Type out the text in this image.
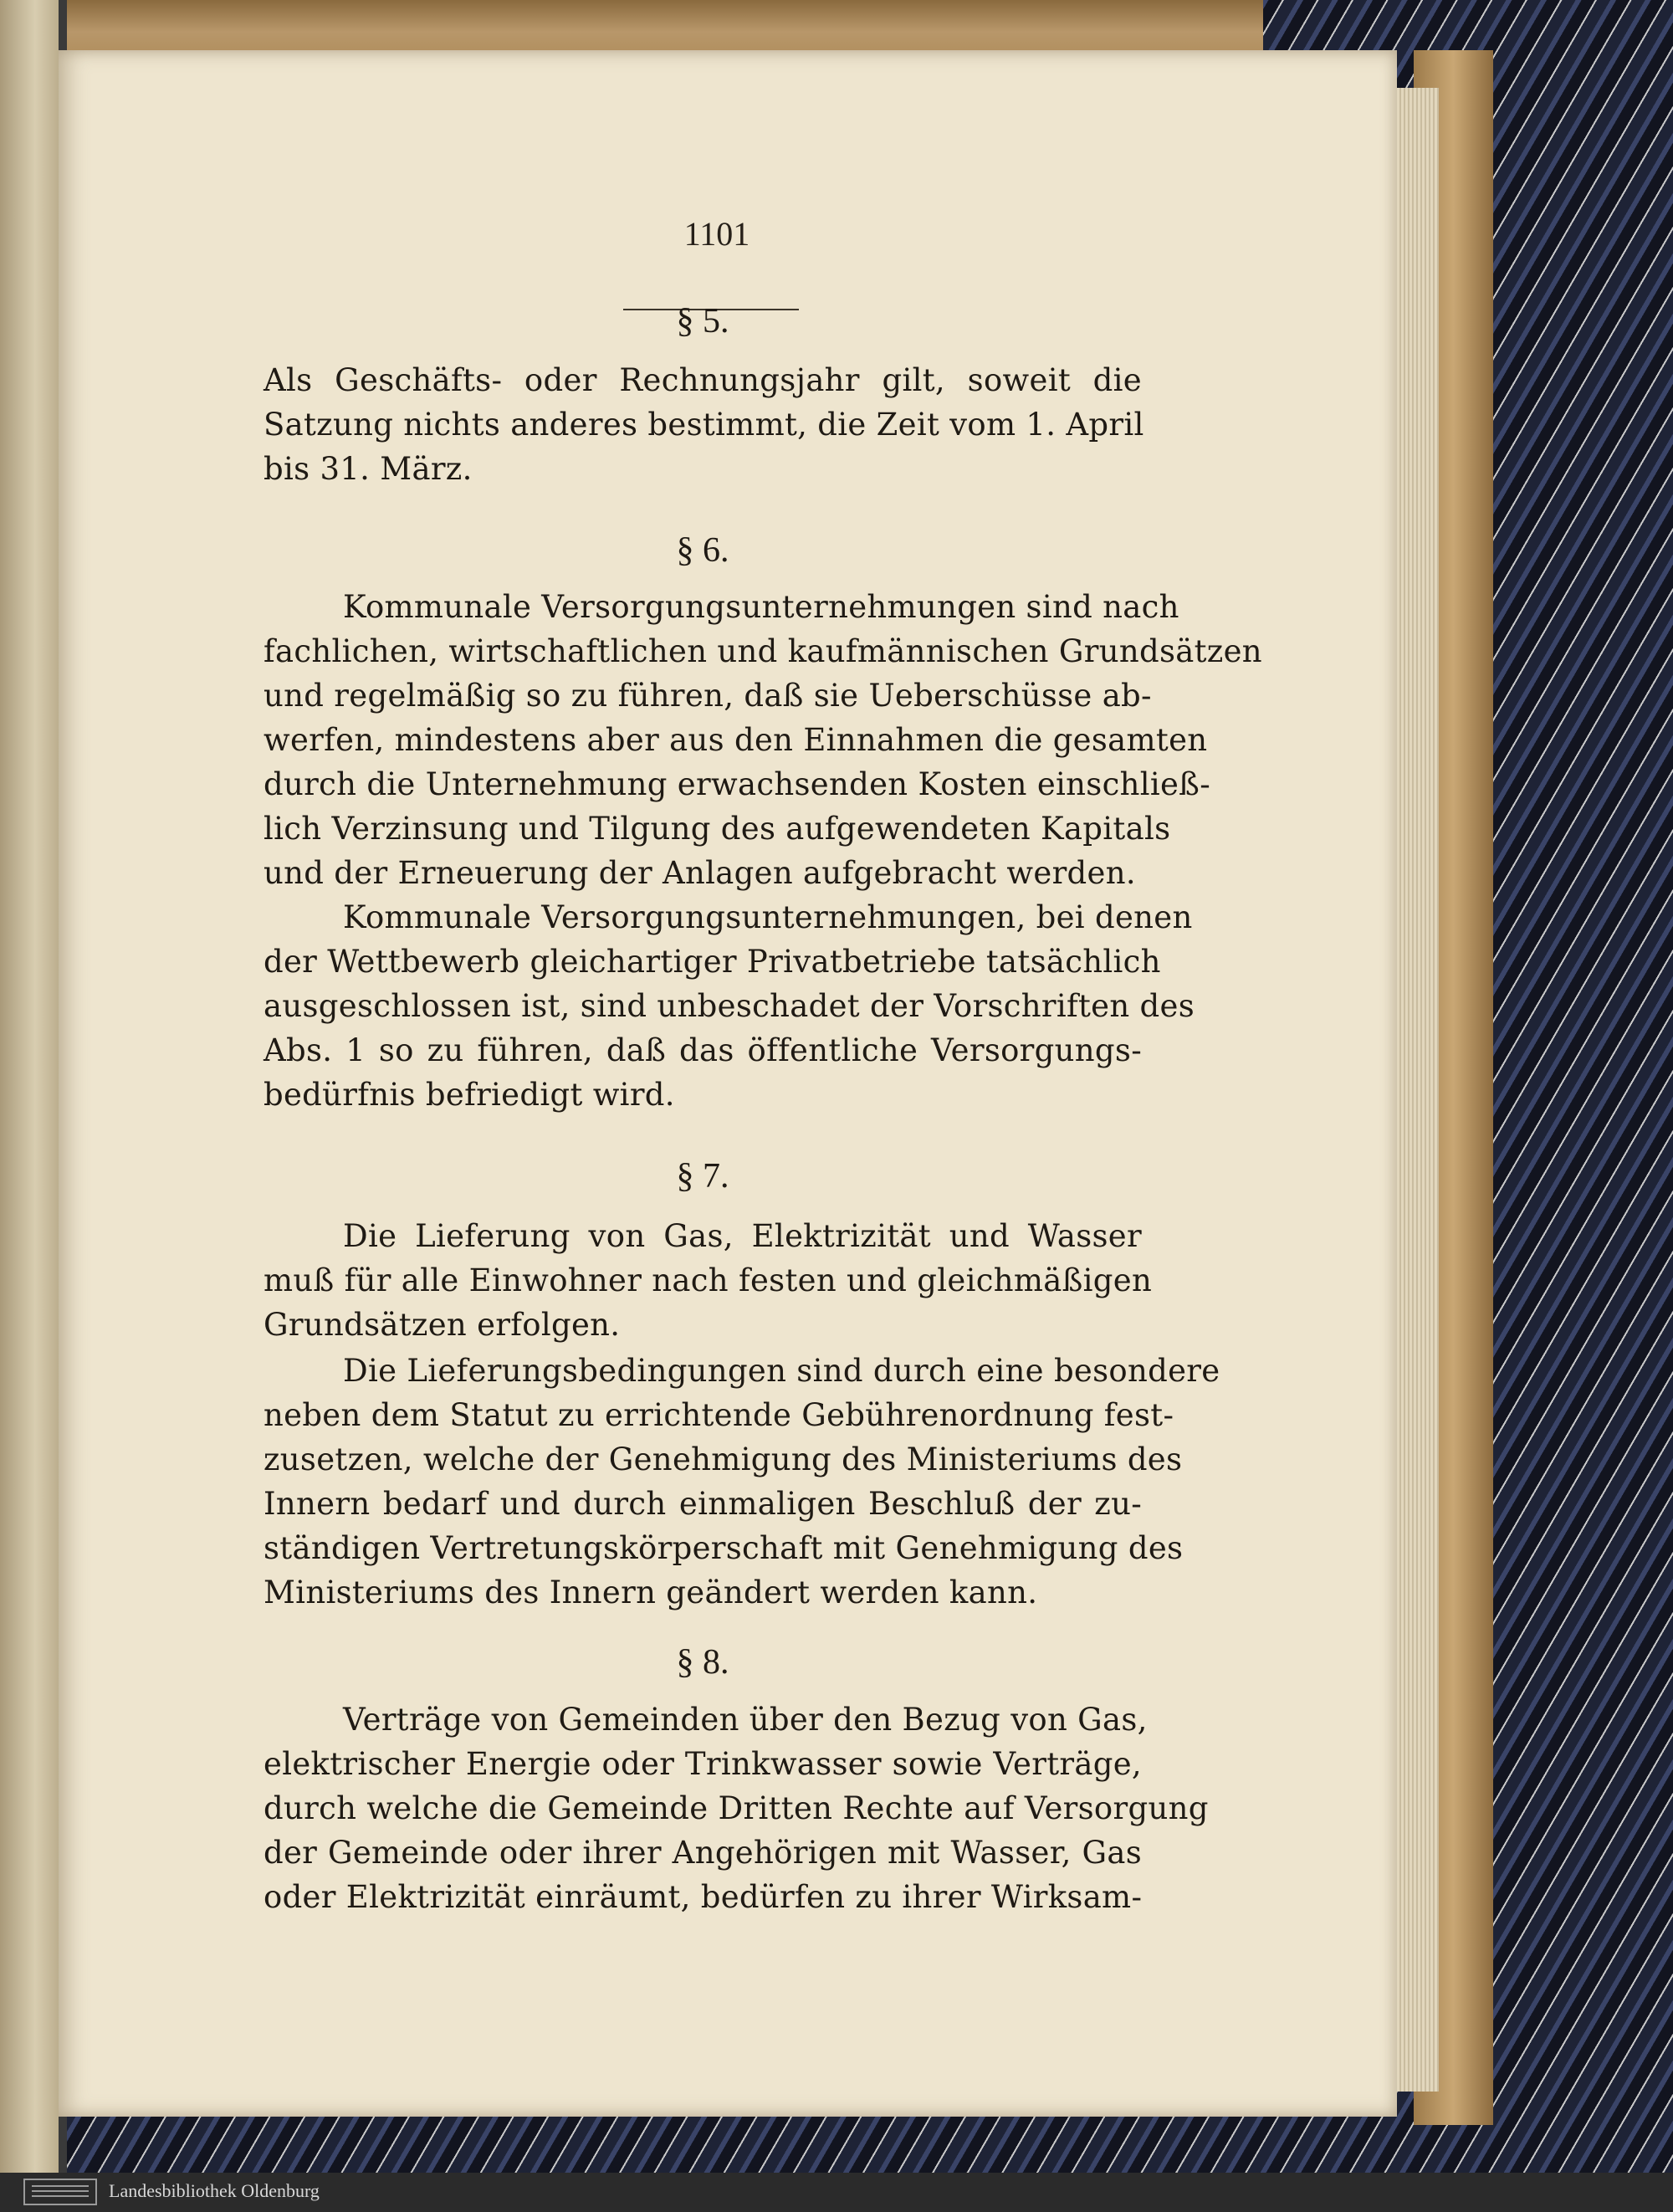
1101
§ 5.
Als Geschäfts- oder Rechnungsjahr gilt, soweit die
Satzung nichts anderes bestimmt, die Zeit vom 1. April
bis 31. März.
§ 6.
Kommunale Versorgungsunternehmungen sind nach
fachlichen, wirtschaftlichen und kaufmännischen Grundsätzen
und regelmäßig so zu führen, daß sie Ueberschüsse ab-
werfen, mindestens aber aus den Einnahmen die gesamten
durch die Unternehmung erwachsenden Kosten einschließ-
lich Verzinsung und Tilgung des aufgewendeten Kapitals
und der Erneuerung der Anlagen aufgebracht werden.
Kommunale Versorgungsunternehmungen, bei denen
der Wettbewerb gleichartiger Privatbetriebe tatsächlich
ausgeschlossen ist, sind unbeschadet der Vorschriften des
Abs. 1 so zu führen, daß das öffentliche Versorgungs-
bedürfnis befriedigt wird.
§ 7.
Die Lieferung von Gas, Elektrizität und Wasser
muß für alle Einwohner nach festen und gleichmäßigen
Grundsätzen erfolgen.
Die Lieferungsbedingungen sind durch eine besondere
neben dem Statut zu errichtende Gebührenordnung fest-
zusetzen, welche der Genehmigung des Ministeriums des
Innern bedarf und durch einmaligen Beschluß der zu-
ständigen Vertretungskörperschaft mit Genehmigung des
Ministeriums des Innern geändert werden kann.
§ 8.
Verträge von Gemeinden über den Bezug von Gas,
elektrischer Energie oder Trinkwasser sowie Verträge,
durch welche die Gemeinde Dritten Rechte auf Versorgung
der Gemeinde oder ihrer Angehörigen mit Wasser, Gas
oder Elektrizität einräumt, bedürfen zu ihrer Wirksam-
Landesbibliothek Oldenburg
